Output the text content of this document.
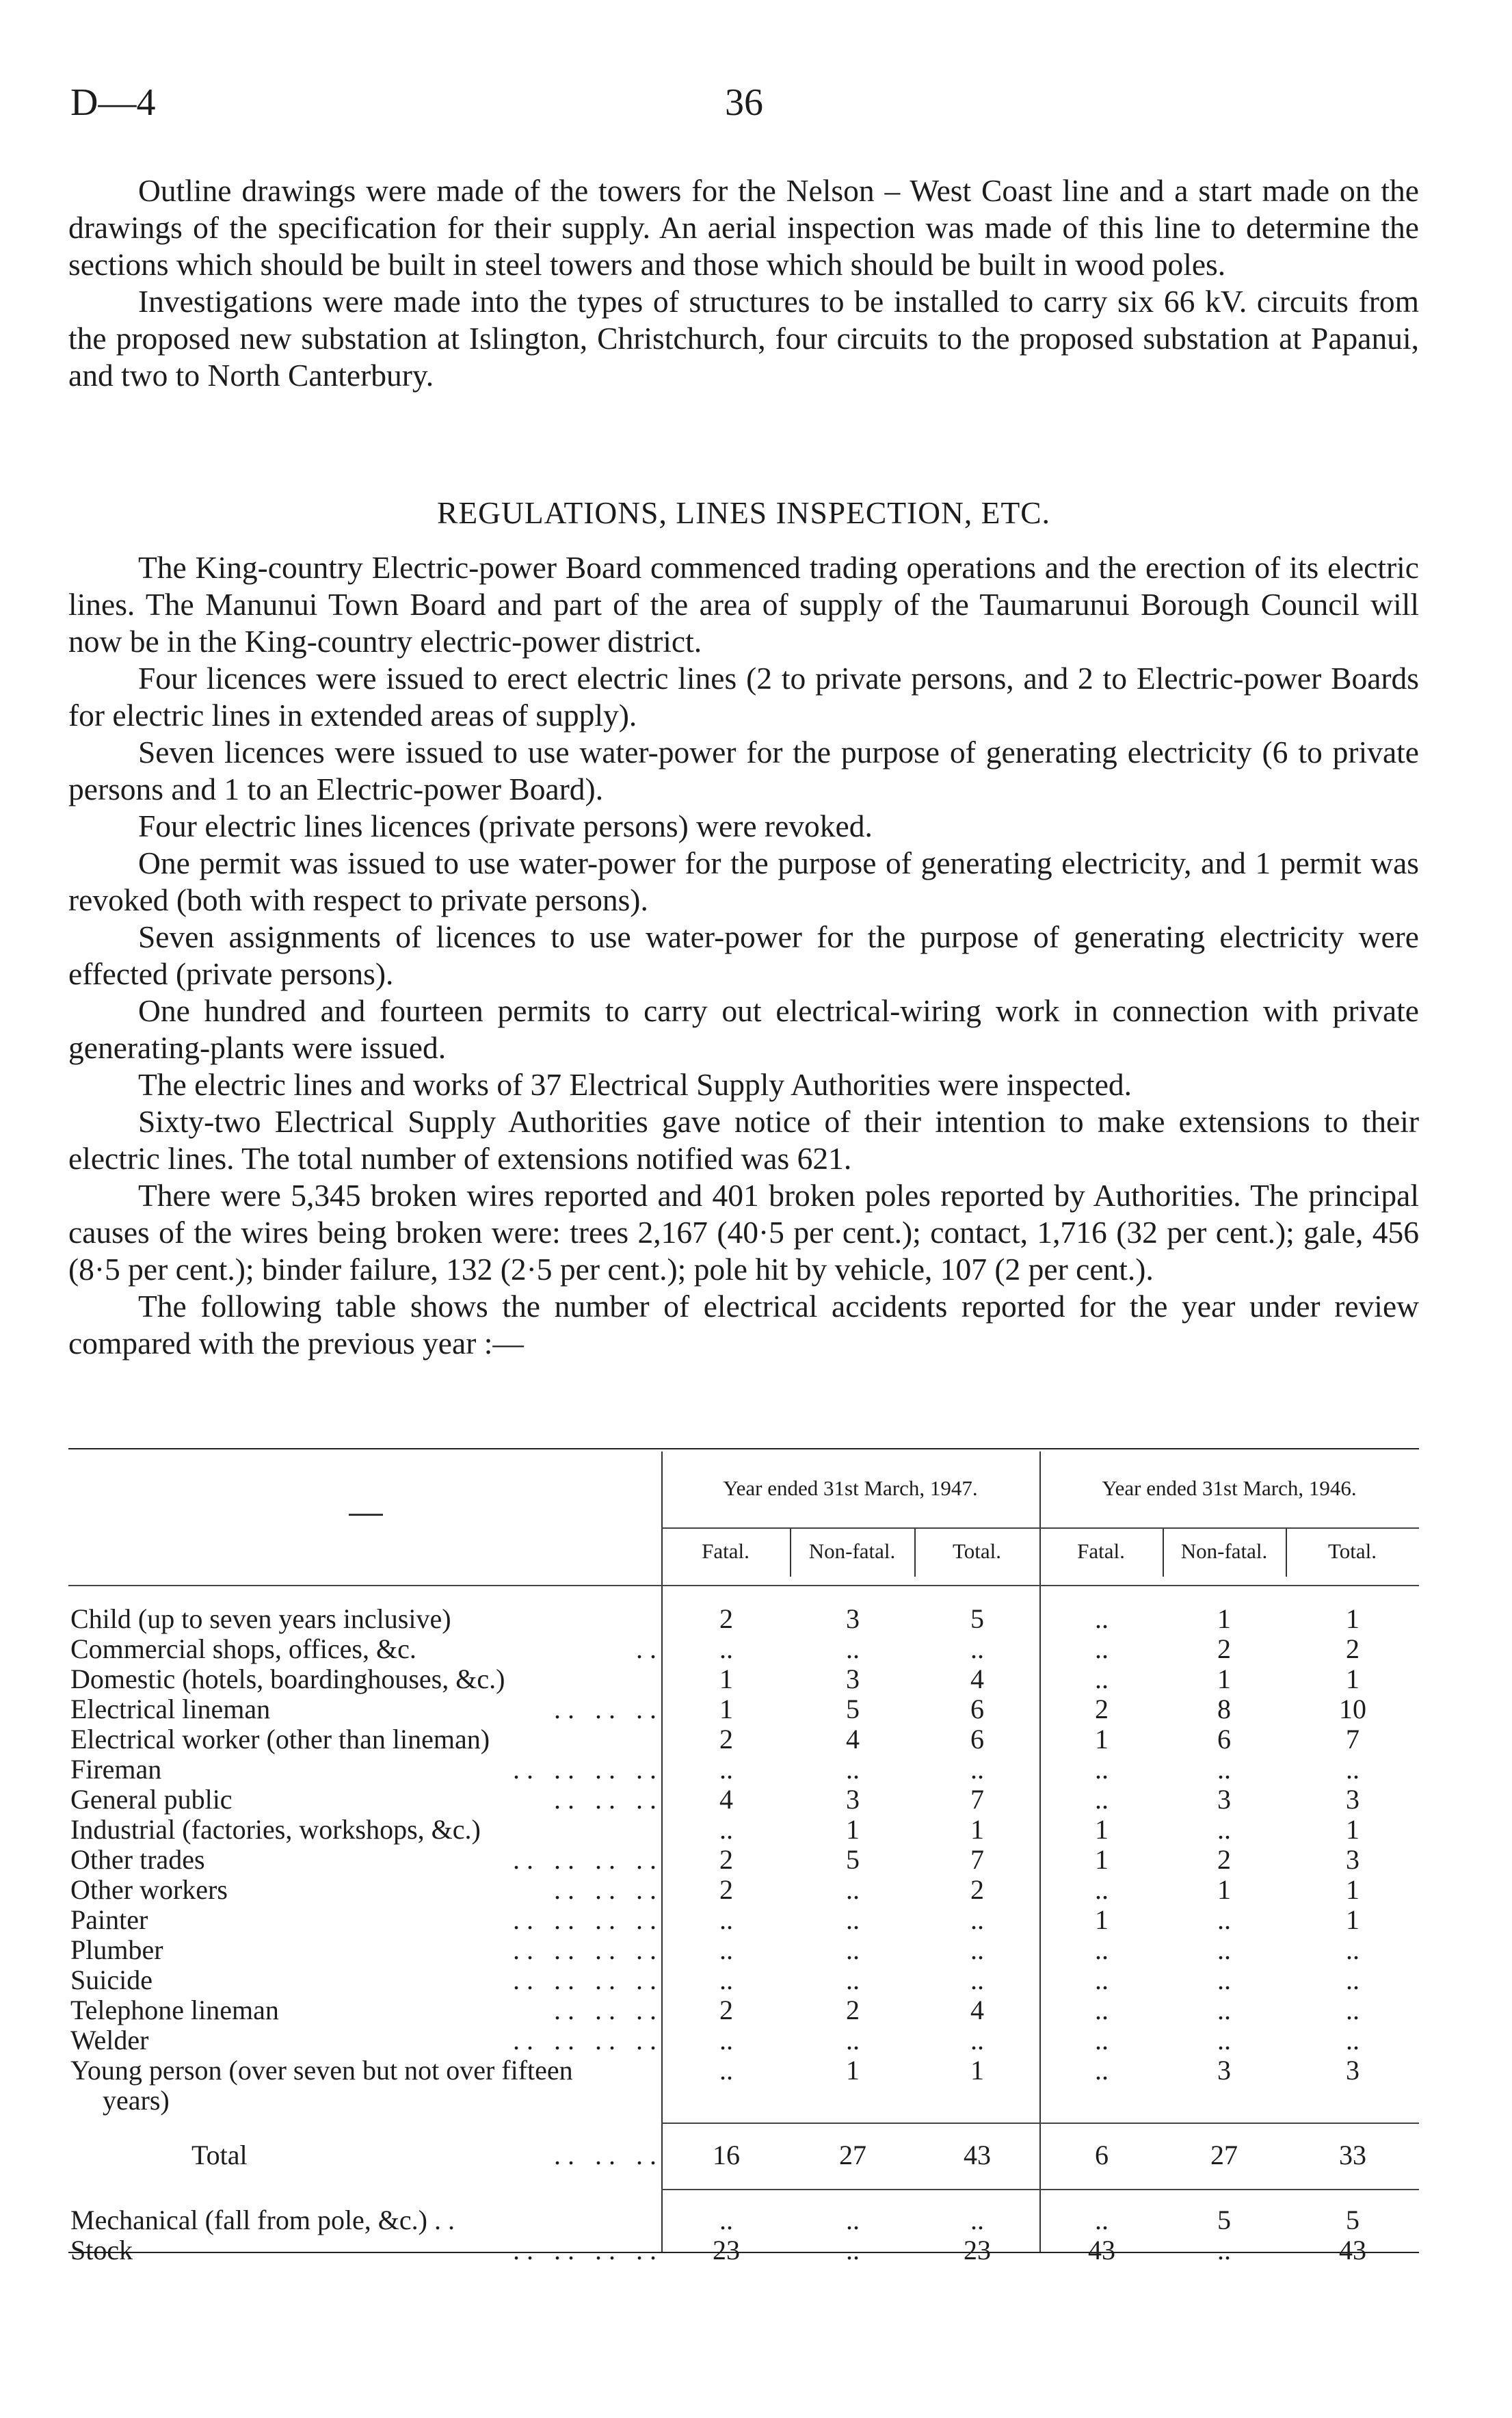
D—4	36

Outline drawings were made of the towers for the Nelson – West Coast line and a start made on the drawings of the specification for their supply. An aerial inspection was made of this line to determine the sections which should be built in steel towers and those which should be built in wood poles.

Investigations were made into the types of structures to be installed to carry six 66 kV. circuits from the proposed new substation at Islington, Christchurch, four circuits to the proposed substation at Papanui, and two to North Canterbury.

REGULATIONS, LINES INSPECTION, ETC.

The King-country Electric-power Board commenced trading operations and the erection of its electric lines. The Manunui Town Board and part of the area of supply of the Taumarunui Borough Council will now be in the King-country electric-power district.

Four licences were issued to erect electric lines (2 to private persons, and 2 to Electric-power Boards for electric lines in extended areas of supply).

Seven licences were issued to use water-power for the purpose of generating electricity (6 to private persons and 1 to an Electric-power Board).

Four electric lines licences (private persons) were revoked.

One permit was issued to use water-power for the purpose of generating electricity, and 1 permit was revoked (both with respect to private persons).

Seven assignments of licences to use water-power for the purpose of generating electricity were effected (private persons).

One hundred and fourteen permits to carry out electrical-wiring work in connection with private generating-plants were issued.

The electric lines and works of 37 Electrical Supply Authorities were inspected.

Sixty-two Electrical Supply Authorities gave notice of their intention to make extensions to their electric lines. The total number of extensions notified was 621.

There were 5,345 broken wires reported and 401 broken poles reported by Authorities. The principal causes of the wires being broken were: trees 2,167 (40·5 per cent.); contact, 1,716 (32 per cent.); gale, 456 (8·5 per cent.); binder failure, 132 (2·5 per cent.); pole hit by vehicle, 107 (2 per cent.).

The following table shows the number of electrical accidents reported for the year under review compared with the previous year :—

Year ended 31st March, 1947.	Year ended 31st March, 1946.
Fatal.	Non-fatal.	Total.	Fatal.	Non-fatal.	Total.
Child (up to seven years inclusive)	2	3	5	..	1	1
Commercial shops, offices, &c.	. .	..	..	..	..	2	2
Domestic (hotels, boardinghouses, &c.)	1	3	4	..	1	1
Electrical lineman	. .   . .   . .	1	5	6	2	8	10
Electrical worker (other than lineman)	2	4	6	1	6	7
Fireman	. .   . .   . .   . .	..	..	..	..	..	..
General public	. .   . .   . .	4	3	7	..	3	3
Industrial (factories, workshops, &c.)	..	1	1	1	..	1
Other trades	. .   . .   . .   . .	2	5	7	1	2	3
Other workers	. .   . .   . .	2	..	2	..	1	1
Painter	. .   . .   . .   . .	..	..	..	1	..	1
Plumber	. .   . .   . .   . .	..	..	..	..	..	..
Suicide	. .   . .   . .   . .	..	..	..	..	..	..
Telephone lineman	. .   . .   . .	2	2	4	..	..	..
Welder	. .   . .   . .   . .	..	..	..	..	..	..
Young person (over seven but not over fifteen	..	1	1	..	3	3
years)
Total	. .   . .   . .	16	27	43	6	27	33
Mechanical (fall from pole, &c.) . .	..	..	..	..	5	5
Stock	. .   . .   . .   . .	23	..	23	43	..	43
